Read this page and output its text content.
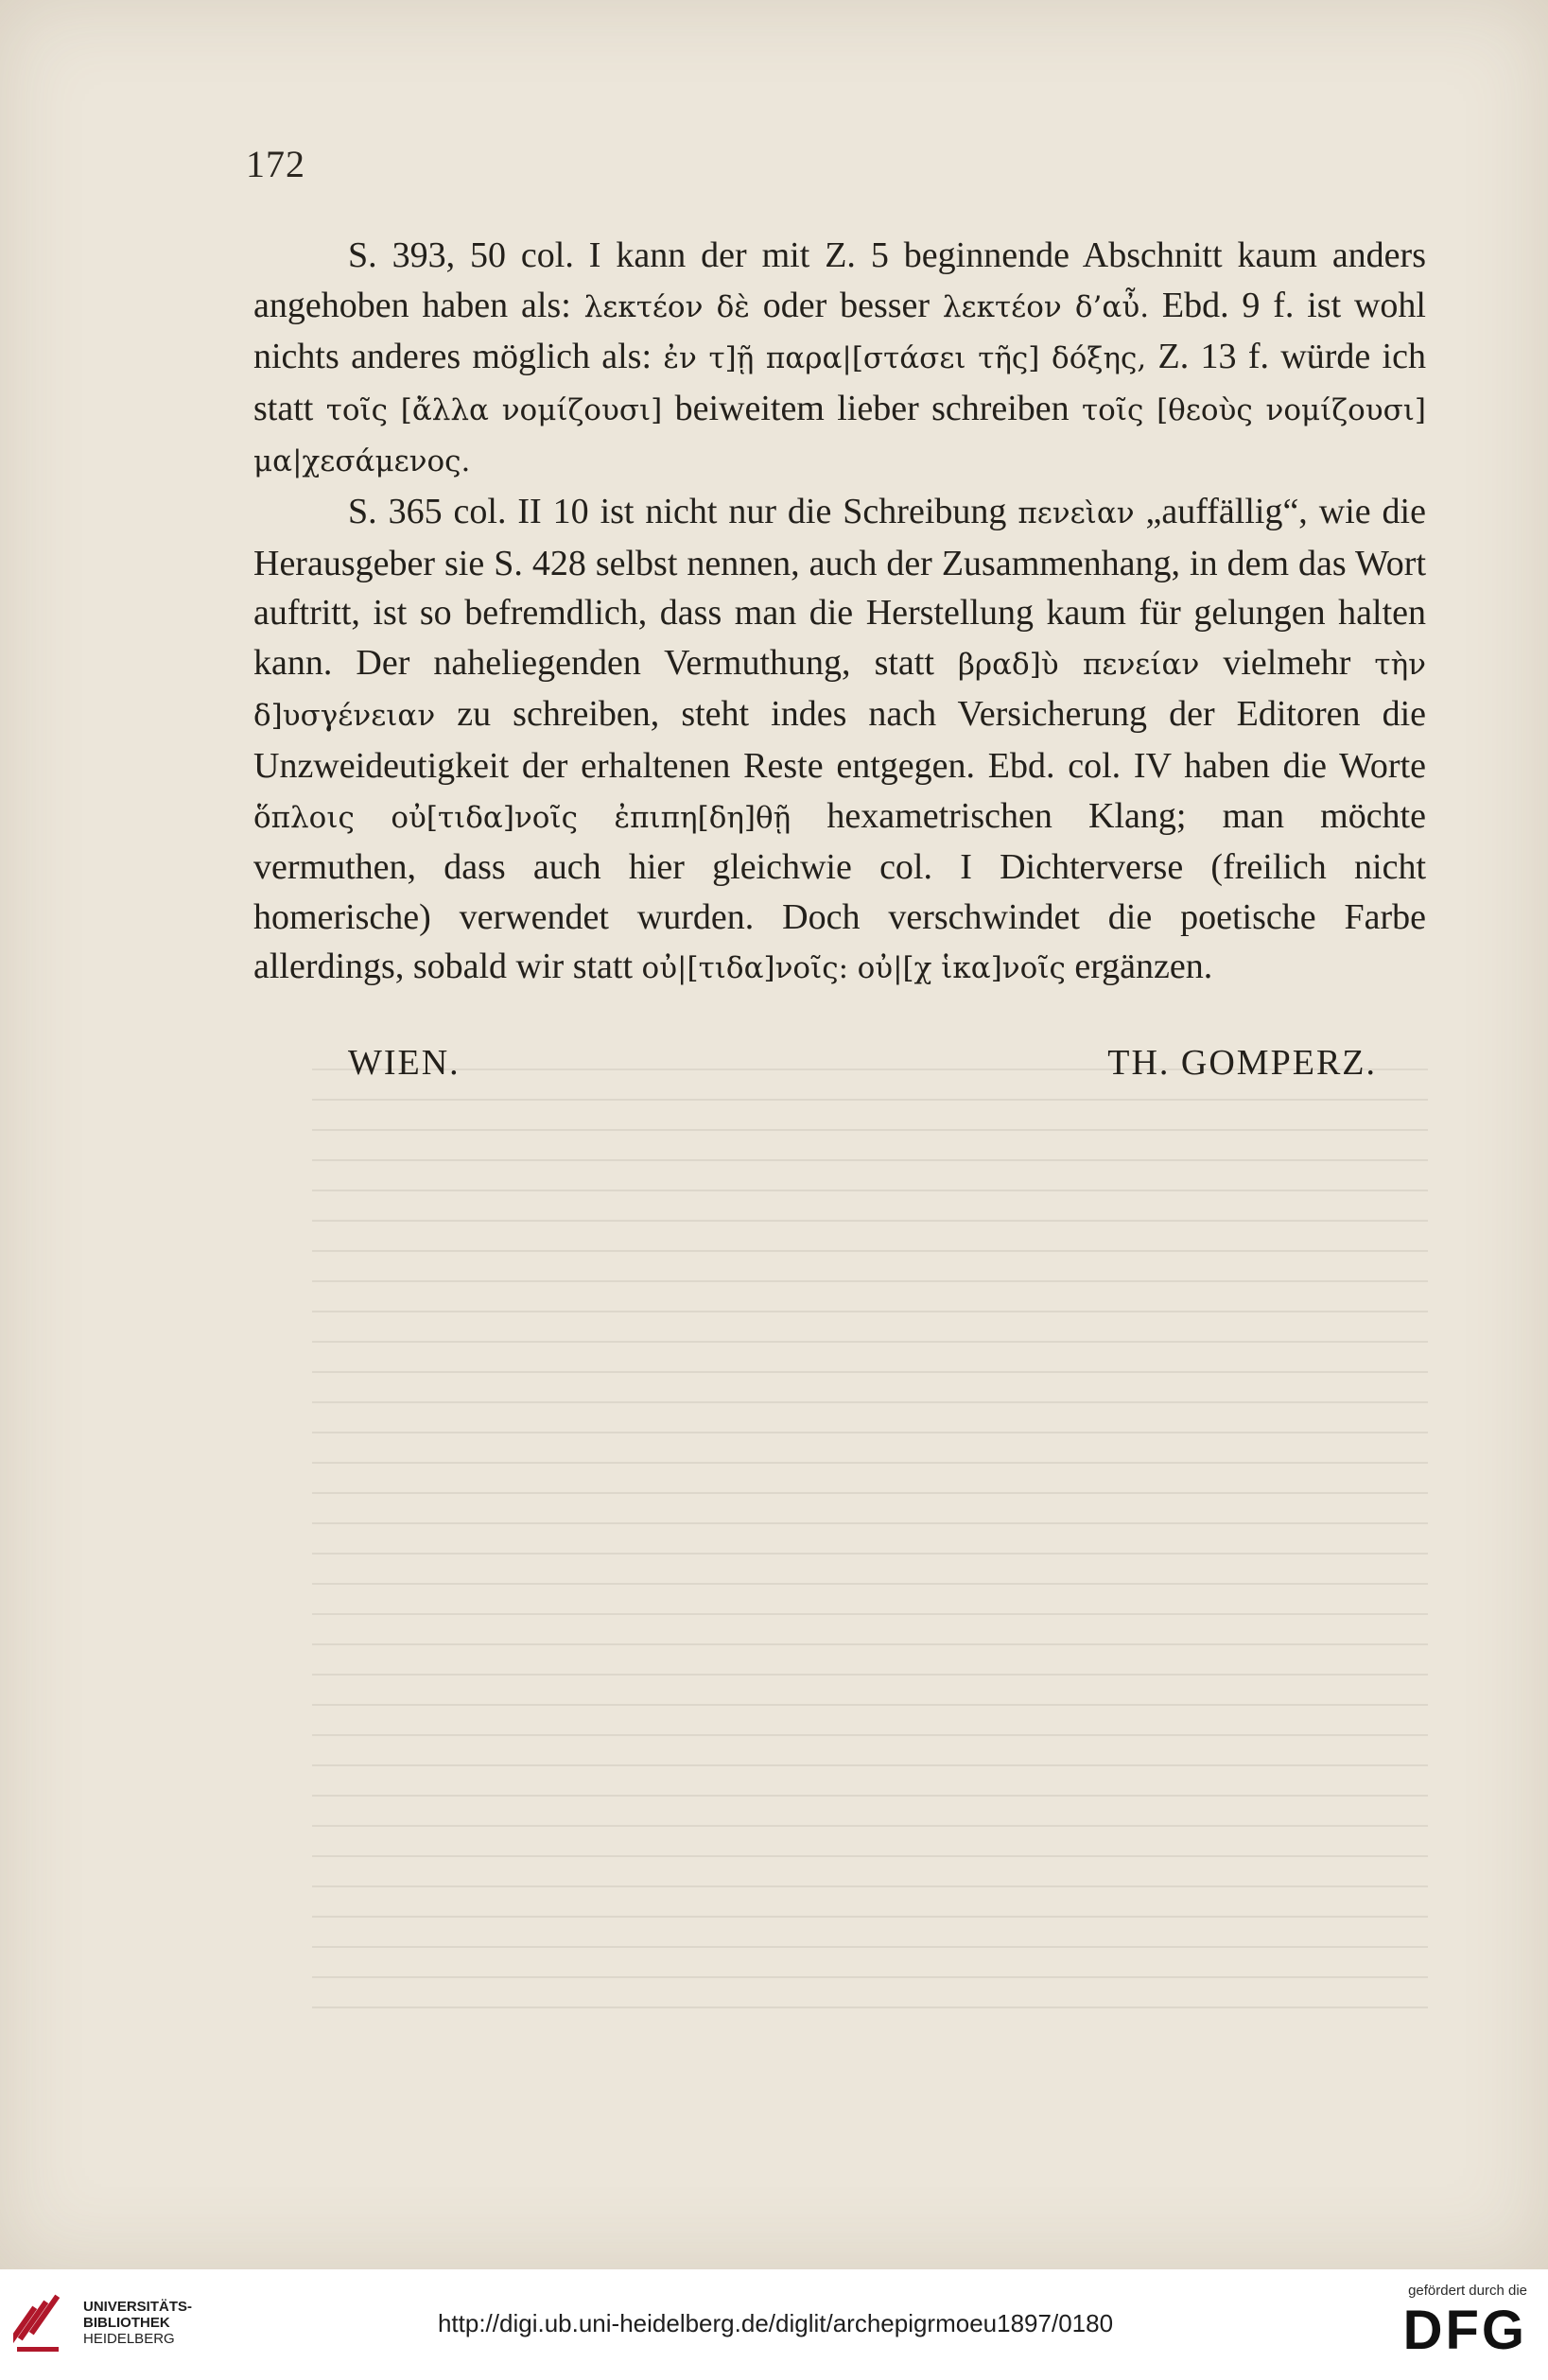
172

S. 393, 50 col. I kann der mit Z. 5 beginnende Abschnitt kaum anders angehoben haben als: λεκτέον δὲ oder besser λεκτέον δ’αὖ. Ebd. 9 f. ist wohl nichts anderes möglich als: ἐν τ]ῇ παρα|[στάσει τῆς] δόξης, Z. 13 f. würde ich statt τοῖς [ἄλλα νομίζουσι] beiweitem lieber schreiben τοῖς [θεοὺς νομίζουσι] μα|χεσάμενος.

S. 365 col. II 10 ist nicht nur die Schreibung πενεὶαν „auffällig“, wie die Herausgeber sie S. 428 selbst nennen, auch der Zusammenhang, in dem das Wort auftritt, ist so befremdlich, dass man die Herstellung kaum für gelungen halten kann. Der naheliegenden Vermuthung, statt βραδ]ὺ πενείαν vielmehr τὴν δ]υσγένειαν zu schreiben, steht indes nach Versicherung der Editoren die Unzweideutigkeit der erhaltenen Reste entgegen. Ebd. col. IV haben die Worte ὅπλοις οὐ[τιδα]νοῖς ἐπιπη[δη]θῇ hexametrischen Klang; man möchte vermuthen, dass auch hier gleichwie col. I Dichterverse (freilich nicht homerische) verwendet wurden. Doch verschwindet die poetische Farbe allerdings, sobald wir statt οὐ|[τιδα]νοῖς: οὐ|[χ ἱκα]νοῖς ergänzen.

WIEN.	TH. GOMPERZ.
UNIVERSITÄTS-
BIBLIOTHEK
HEIDELBERG
http://digi.ub.uni-heidelberg.de/diglit/archepigrmoeu1897/0180
gefördert durch die
DFG
